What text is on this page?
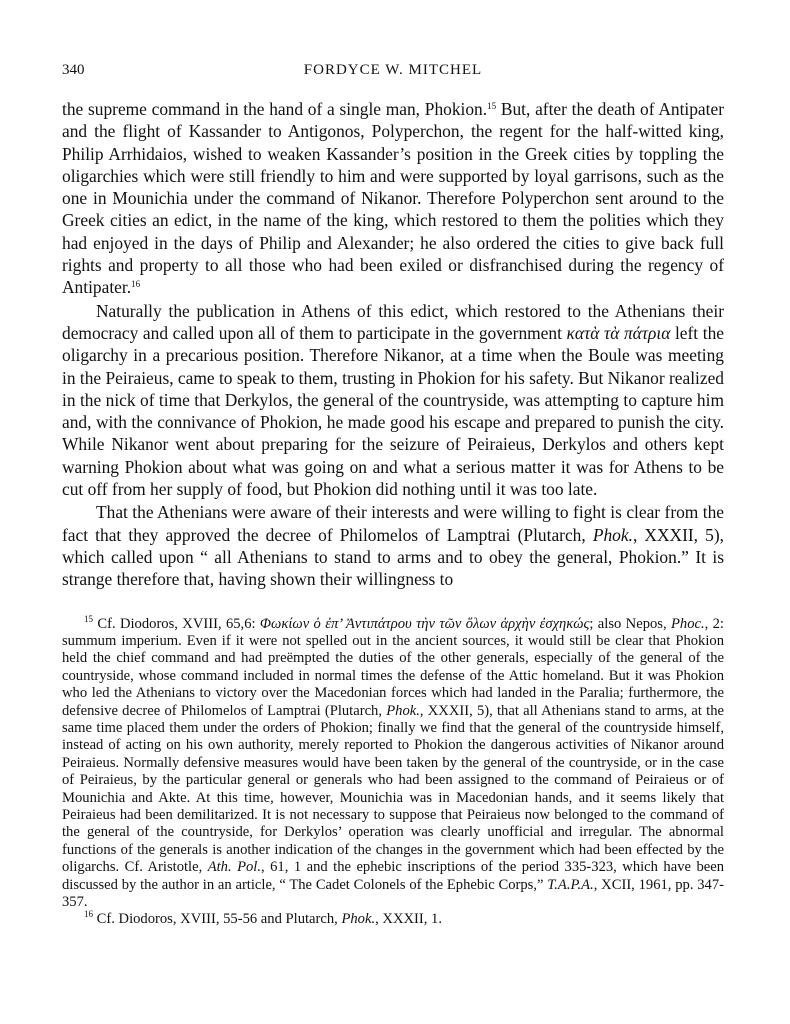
340	FORDYCE W. MITCHEL

the supreme command in the hand of a single man, Phokion.$^{15}$ But, after the death of Antipater and the flight of Kassander to Antigonos, Polyperchon, the regent for the half-witted king, Philip Arrhidaios, wished to weaken Kassander’s position in the Greek cities by toppling the oligarchies which were still friendly to him and were supported by loyal garrisons, such as the one in Mounichia under the command of Nikanor. Therefore Polyperchon sent around to the Greek cities an edict, in the name of the king, which restored to them the polities which they had enjoyed in the days of Philip and Alexander; he also ordered the cities to give back full rights and property to all those who had been exiled or disfranchised during the regency of Antipater.$^{16}$

Naturally the publication in Athens of this edict, which restored to the Athenians their democracy and called upon all of them to participate in the government κατὰ τὰ πάτρια left the oligarchy in a precarious position. Therefore Nikanor, at a time when the Boule was meeting in the Peiraieus, came to speak to them, trusting in Phokion for his safety. But Nikanor realized in the nick of time that Derkylos, the general of the countryside, was attempting to capture him and, with the connivance of Phokion, he made good his escape and prepared to punish the city. While Nikanor went about preparing for the seizure of Peiraieus, Derkylos and others kept warning Phokion about what was going on and what a serious matter it was for Athens to be cut off from her supply of food, but Phokion did nothing until it was too late.

That the Athenians were aware of their interests and were willing to fight is clear from the fact that they approved the decree of Philomelos of Lamptrai (Plutarch, Phok., XXXII, 5), which called upon “ all Athenians to stand to arms and to obey the general, Phokion.” It is strange therefore that, having shown their willingness to

$^{15}$ Cf. Diodoros, XVIII, 65,6: Φωκίων ὁ ἐπ’ Ἀντιπάτρου τὴν τῶν ὅλων ἀρχὴν ἐσχηκώς; also Nepos, Phoc., 2: summum imperium. Even if it were not spelled out in the ancient sources, it would still be clear that Phokion held the chief command and had preëmpted the duties of the other generals, especially of the general of the countryside, whose command included in normal times the defense of the Attic homeland. But it was Phokion who led the Athenians to victory over the Macedonian forces which had landed in the Paralia; furthermore, the defensive decree of Philomelos of Lamptrai (Plutarch, Phok., XXXII, 5), that all Athenians stand to arms, at the same time placed them under the orders of Phokion; finally we find that the general of the countryside himself, instead of acting on his own authority, merely reported to Phokion the dangerous activities of Nikanor around Peiraieus. Normally defensive measures would have been taken by the general of the countryside, or in the case of Peiraieus, by the particular general or generals who had been assigned to the command of Peiraieus or of Mounichia and Akte. At this time, however, Mounichia was in Macedonian hands, and it seems likely that Peiraieus had been demilitarized. It is not necessary to suppose that Peiraieus now belonged to the command of the general of the countryside, for Derkylos’ operation was clearly unofficial and irregular. The abnormal functions of the generals is another indication of the changes in the government which had been effected by the oligarchs. Cf. Aristotle, Ath. Pol., 61, 1 and the ephebic inscriptions of the period 335-323, which have been discussed by the author in an article, “ The Cadet Colonels of the Ephebic Corps,” T.A.P.A., XCII, 1961, pp. 347-357.

$^{16}$ Cf. Diodoros, XVIII, 55-56 and Plutarch, Phok., XXXII, 1.
